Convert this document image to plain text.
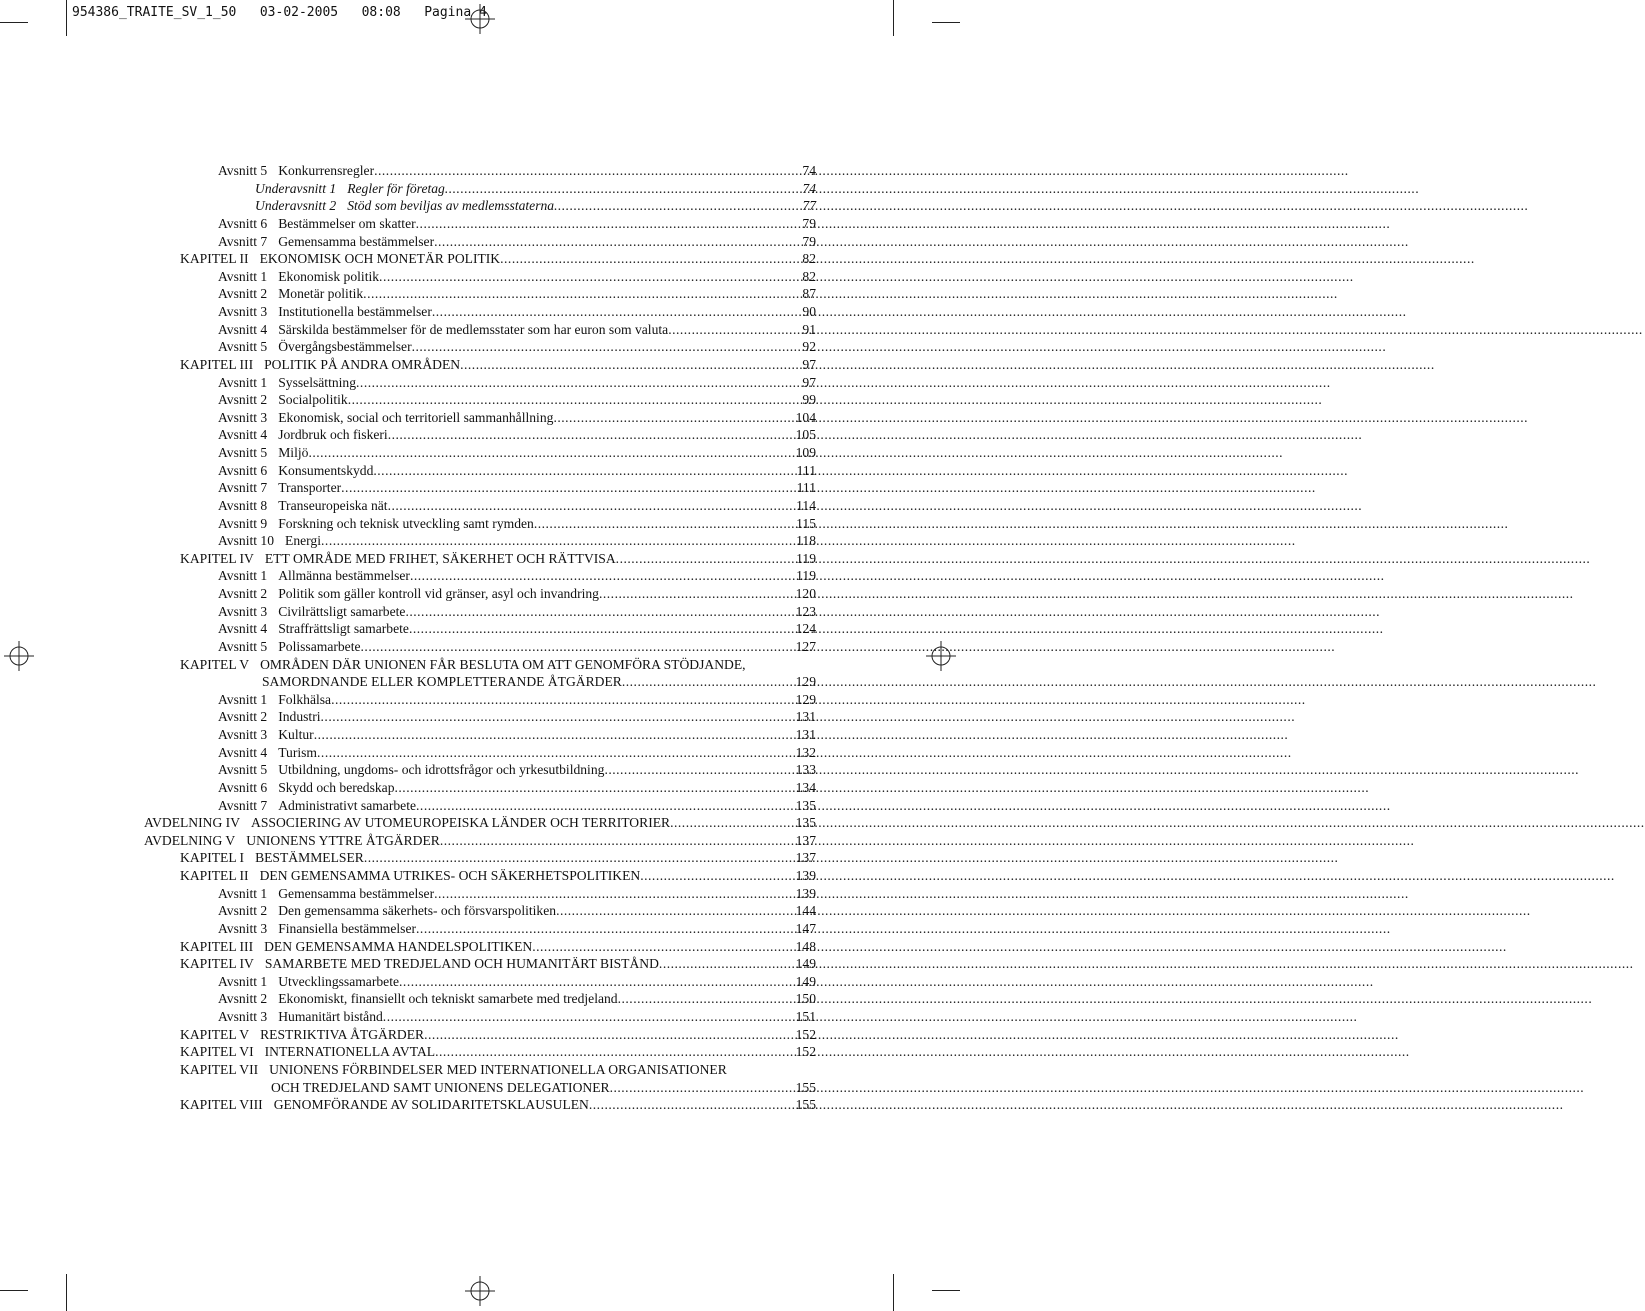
954386_TRAITE_SV_1_50   03-02-2005   08:08   Pagina 4
Avsnitt 5 Konkurrensregler .....	74
Underavsnitt 1 Regler för företag .....	74
Underavsnitt 2 Stöd som beviljas av medlemsstaterna .....	77
Avsnitt 6 Bestämmelser om skatter .....	79
Avsnitt 7 Gemensamma bestämmelser .....	79
KAPITEL II EKONOMISK OCH MONETÄR POLITIK .....	82
Avsnitt 1 Ekonomisk politik .....	82
Avsnitt 2 Monetär politik .....	87
Avsnitt 3 Institutionella bestämmelser .....	90
Avsnitt 4 Särskilda bestämmelser för de medlemsstater som har euron som valuta .....	91
Avsnitt 5 Övergångsbestämmelser .....	92
KAPITEL III POLITIK PÅ ANDRA OMRÅDEN .....	97
Avsnitt 1 Sysselsättning .....	97
Avsnitt 2 Socialpolitik .....	99
Avsnitt 3 Ekonomisk, social och territoriell sammanhållning .....	104
Avsnitt 4 Jordbruk och fiskeri .....	105
Avsnitt 5 Miljö .....	109
Avsnitt 6 Konsumentskydd .....	111
Avsnitt 7 Transporter .....	111
Avsnitt 8 Transeuropeiska nät .....	114
Avsnitt 9 Forskning och teknisk utveckling samt rymden .....	115
Avsnitt 10 Energi .....	118
KAPITEL IV ETT OMRÅDE MED FRIHET, SÄKERHET OCH RÄTTVISA .....	119
Avsnitt 1 Allmänna bestämmelser .....	119
Avsnitt 2 Politik som gäller kontroll vid gränser, asyl och invandring .....	120
Avsnitt 3 Civilrättsligt samarbete .....	123
Avsnitt 4 Straffrättsligt samarbete .....	124
Avsnitt 5 Polissamarbete .....	127
KAPITEL V OMRÅDEN DÄR UNIONEN FÅR BESLUTA OM ATT GENOMFÖRA STÖDJANDE,
SAMORDNANDE ELLER KOMPLETTERANDE ÅTGÄRDER .....	129
Avsnitt 1 Folkhälsa .....	129
Avsnitt 2 Industri .....	131
Avsnitt 3 Kultur .....	131
Avsnitt 4 Turism .....	132
Avsnitt 5 Utbildning, ungdoms- och idrottsfrågor och yrkesutbildning .....	133
Avsnitt 6 Skydd och beredskap .....	134
Avsnitt 7 Administrativt samarbete .....	135
AVDELNING IV ASSOCIERING AV UTOMEUROPEISKA LÄNDER OCH TERRITORIER .....	135
AVDELNING V UNIONENS YTTRE ÅTGÄRDER .....	137
KAPITEL I BESTÄMMELSER .....	137
KAPITEL II DEN GEMENSAMMA UTRIKES- OCH SÄKERHETSPOLITIKEN .....	139
Avsnitt 1 Gemensamma bestämmelser .....	139
Avsnitt 2 Den gemensamma säkerhets- och försvarspolitiken .....	144
Avsnitt 3 Finansiella bestämmelser .....	147
KAPITEL III DEN GEMENSAMMA HANDELSPOLITIKEN .....	148
KAPITEL IV SAMARBETE MED TREDJELAND OCH HUMANITÄRT BISTÅND .....	149
Avsnitt 1 Utvecklingssamarbete .....	149
Avsnitt 2 Ekonomiskt, finansiellt och tekniskt samarbete med tredjeland .....	150
Avsnitt 3 Humanitärt bistånd .....	151
KAPITEL V RESTRIKTIVA ÅTGÄRDER .....	152
KAPITEL VI INTERNATIONELLA AVTAL .....	152
KAPITEL VII UNIONENS FÖRBINDELSER MED INTERNATIONELLA ORGANISATIONER
OCH TREDJELAND SAMT UNIONENS DELEGATIONER .....	155
KAPITEL VIII GENOMFÖRANDE AV SOLIDARITETSKLAUSULEN .....	155
